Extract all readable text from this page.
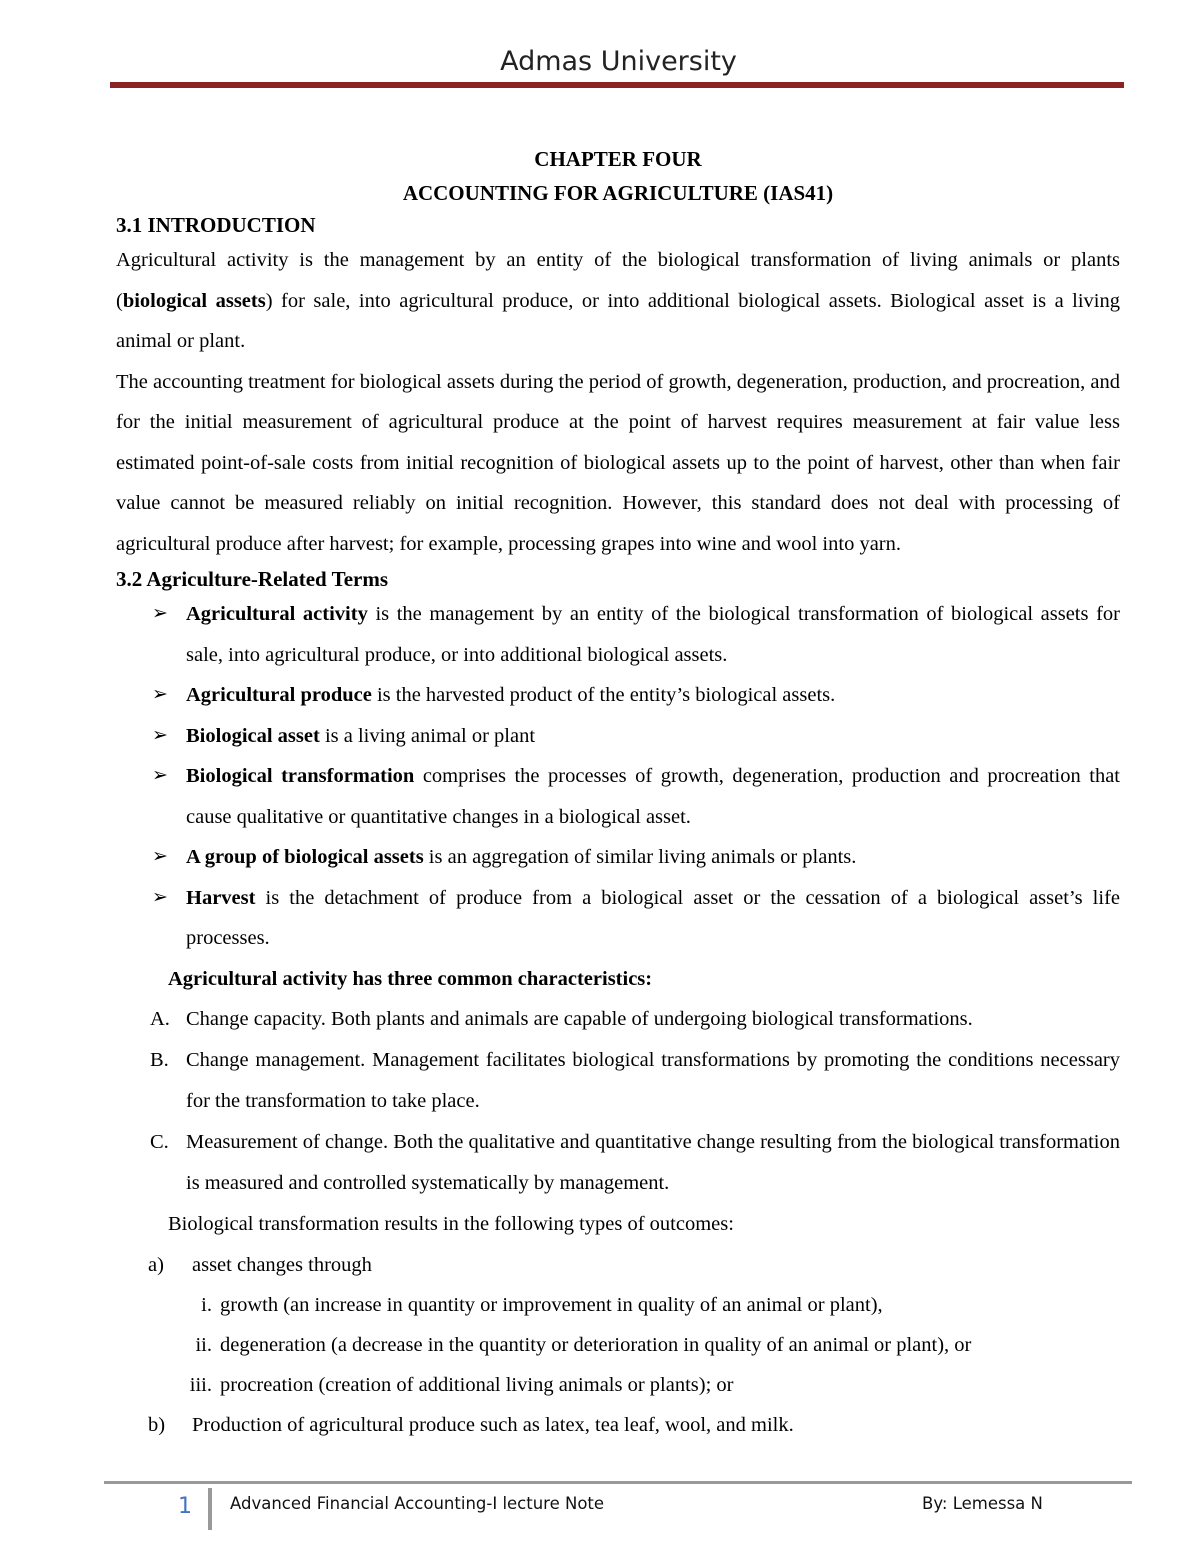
Admas University
CHAPTER FOUR
ACCOUNTING FOR AGRICULTURE (IAS41)
3.1 INTRODUCTION

Agricultural activity is the management by an entity of the biological transformation of living animals or plants (biological assets) for sale, into agricultural produce, or into additional biological assets. Biological asset is a living animal or plant.

The accounting treatment for biological assets during the period of growth, degeneration, production, and procreation, and for the initial measurement of agricultural produce at the point of harvest requires measurement at fair value less estimated point-of-sale costs from initial recognition of biological assets up to the point of harvest, other than when fair value cannot be measured reliably on initial recognition. However, this standard does not deal with processing of agricultural produce after harvest; for example, processing grapes into wine and wool into yarn.

3.2 Agriculture-Related Terms
➢ Agricultural activity is the management by an entity of the biological transformation of biological assets for sale, into agricultural produce, or into additional biological assets.
➢ Agricultural produce is the harvested product of the entity’s biological assets.
➢ Biological asset is a living animal or plant
➢ Biological transformation comprises the processes of growth, degeneration, production and procreation that cause qualitative or quantitative changes in a biological asset.
➢ A group of biological assets is an aggregation of similar living animals or plants.
➢ Harvest is the detachment of produce from a biological asset or the cessation of a biological asset’s life processes.
Agricultural activity has three common characteristics:
A. Change capacity. Both plants and animals are capable of undergoing biological transformations.
B. Change management. Management facilitates biological transformations by promoting the conditions necessary for the transformation to take place.
C. Measurement of change. Both the qualitative and quantitative change resulting from the biological transformation is measured and controlled systematically by management.
Biological transformation results in the following types of outcomes:
a) asset changes through
i. growth (an increase in quantity or improvement in quality of an animal or plant),
ii. degeneration (a decrease in the quantity or deterioration in quality of an animal or plant), or
iii. procreation (creation of additional living animals or plants); or
b) Production of agricultural produce such as latex, tea leaf, wool, and milk.
1 Advanced Financial Accounting-I lecture Note	By: Lemessa N
